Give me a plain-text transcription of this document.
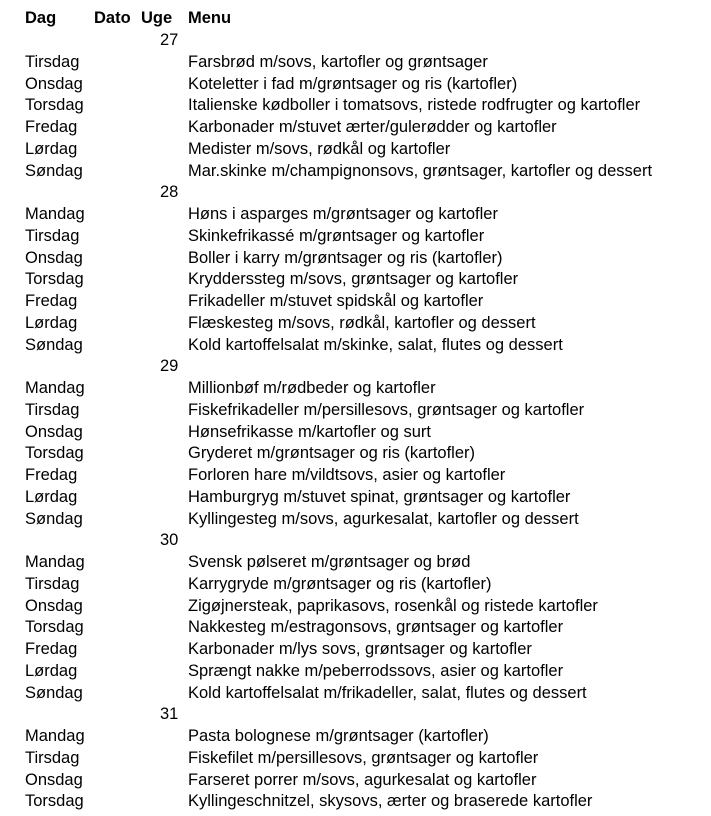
Dag Dato Uge Menu
27
Tirsdag	Farsbrød m/sovs, kartofler og grøntsager
Onsdag	Koteletter i fad m/grøntsager og ris (kartofler)
Torsdag	Italienske kødboller i tomatsovs, ristede rodfrugter og kartofler
Fredag	Karbonader m/stuvet ærter/gulerødder og kartofler
Lørdag	Medister m/sovs, rødkål og kartofler
Søndag	Mar.skinke m/champignonsovs, grøntsager, kartofler og dessert
28
Mandag	Høns i asparges m/grøntsager og kartofler
Tirsdag	Skinkefrikassé m/grøntsager og kartofler
Onsdag	Boller i karry m/grøntsager og ris (kartofler)
Torsdag	Krydderssteg m/sovs, grøntsager og kartofler
Fredag	Frikadeller m/stuvet spidskål og kartofler
Lørdag	Flæskesteg m/sovs, rødkål, kartofler og dessert
Søndag	Kold kartoffelsalat m/skinke, salat, flutes og dessert
29
Mandag	Millionbøf m/rødbeder og kartofler
Tirsdag	Fiskefrikadeller m/persillesovs, grøntsager og kartofler
Onsdag	Hønsefrikasse m/kartofler og surt
Torsdag	Gryderet m/grøntsager og ris (kartofler)
Fredag	Forloren hare m/vildtsovs, asier og kartofler
Lørdag	Hamburgryg m/stuvet spinat, grøntsager og kartofler
Søndag	Kyllingesteg m/sovs, agurkesalat, kartofler og dessert
30
Mandag	Svensk pølseret m/grøntsager og brød
Tirsdag	Karrygryde m/grøntsager og ris (kartofler)
Onsdag	Zigøjnersteak, paprikasovs, rosenkål og ristede kartofler
Torsdag	Nakkesteg m/estragonsovs, grøntsager og kartofler
Fredag	Karbonader m/lys sovs, grøntsager og kartofler
Lørdag	Sprængt nakke m/peberrodssovs, asier og kartofler
Søndag	Kold kartoffelsalat m/frikadeller, salat, flutes og dessert
31
Mandag	Pasta bolognese m/grøntsager (kartofler)
Tirsdag	Fiskefilet m/persillesovs, grøntsager og kartofler
Onsdag	Farseret porrer m/sovs, agurkesalat og kartofler
Torsdag	Kyllingeschnitzel, skysovs, ærter og braserede kartofler
